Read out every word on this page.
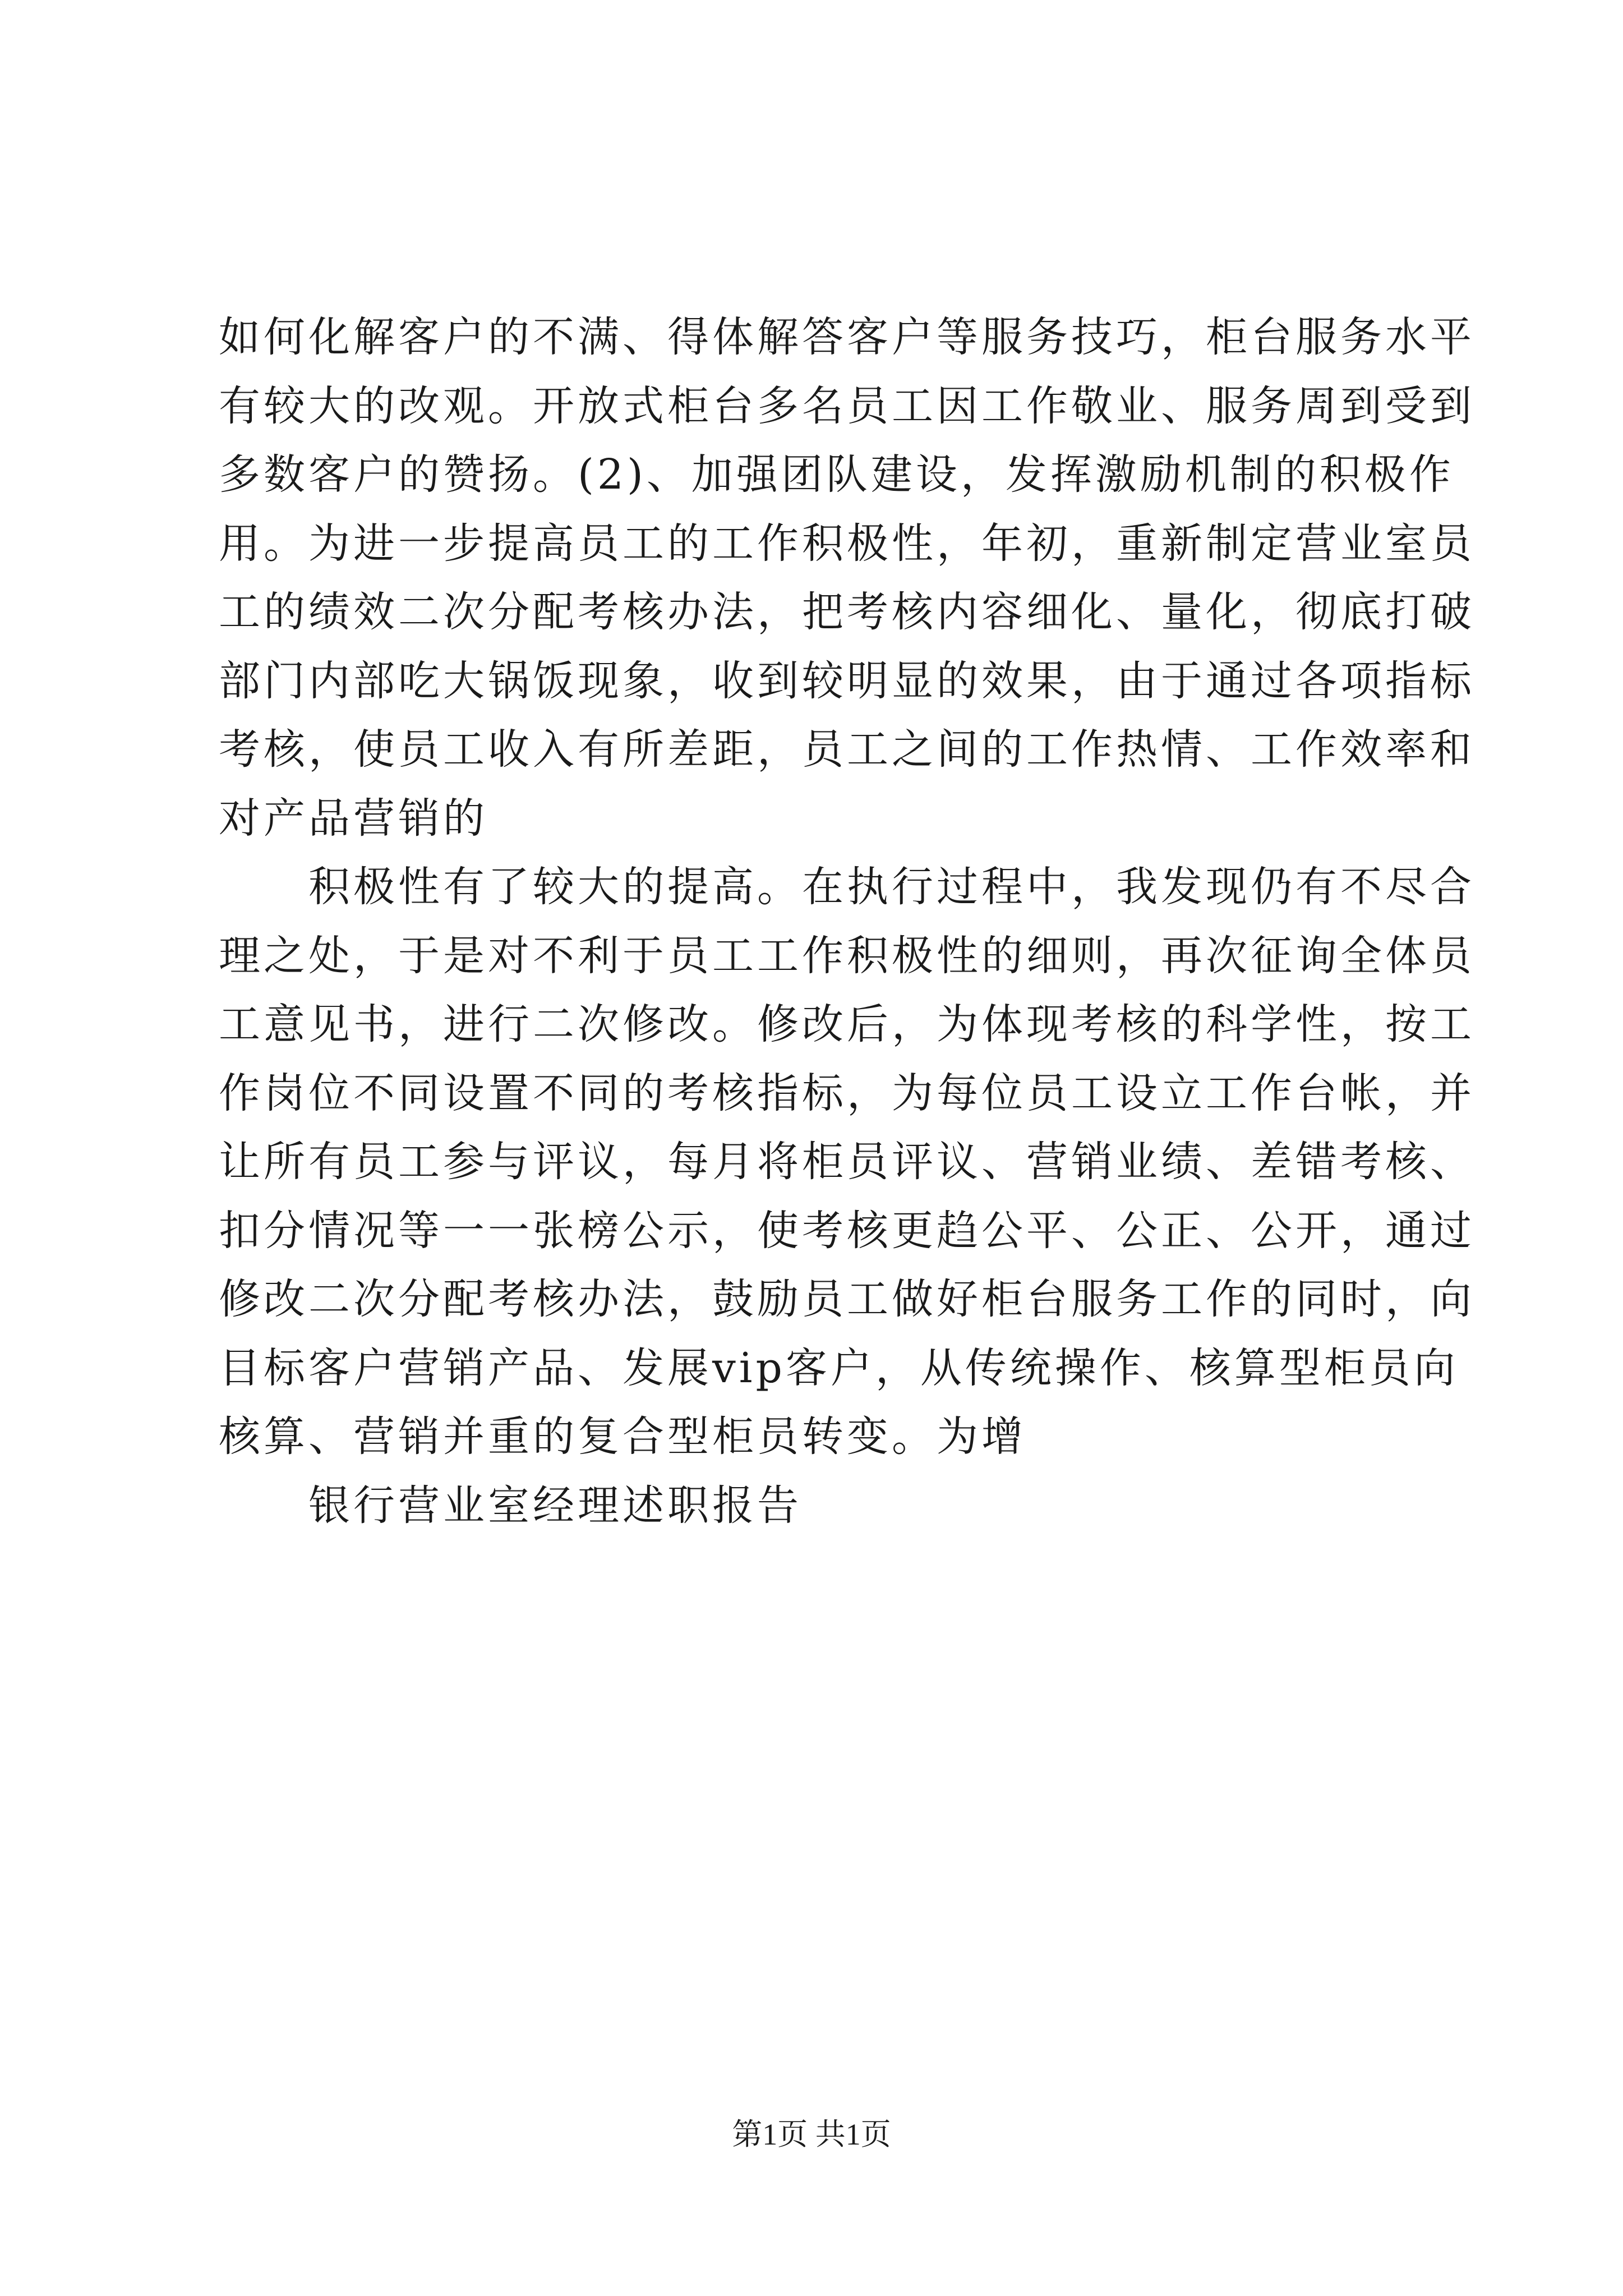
如何化解客户的不满、得体解答客户等服务技巧，柜台服务水平
有较大的改观。开放式柜台多名员工因工作敬业、服务周到受到
多数客户的赞扬。(2)、加强团队建设，发挥激励机制的积极作
用。为进一步提高员工的工作积极性，年初，重新制定营业室员
工的绩效二次分配考核办法，把考核内容细化、量化，彻底打破
部门内部吃大锅饭现象，收到较明显的效果，由于通过各项指标
考核，使员工收入有所差距，员工之间的工作热情、工作效率和
对产品营销的
积极性有了较大的提高。在执行过程中，我发现仍有不尽合
理之处，于是对不利于员工工作积极性的细则，再次征询全体员
工意见书，进行二次修改。修改后，为体现考核的科学性，按工
作岗位不同设置不同的考核指标，为每位员工设立工作台帐，并
让所有员工参与评议，每月将柜员评议、营销业绩、差错考核、
扣分情况等一一张榜公示，使考核更趋公平、公正、公开，通过
修改二次分配考核办法，鼓励员工做好柜台服务工作的同时，向
目标客户营销产品、发展vip客户，从传统操作、核算型柜员向
核算、营销并重的复合型柜员转变。为增
银行营业室经理述职报告
第1页 共1页
